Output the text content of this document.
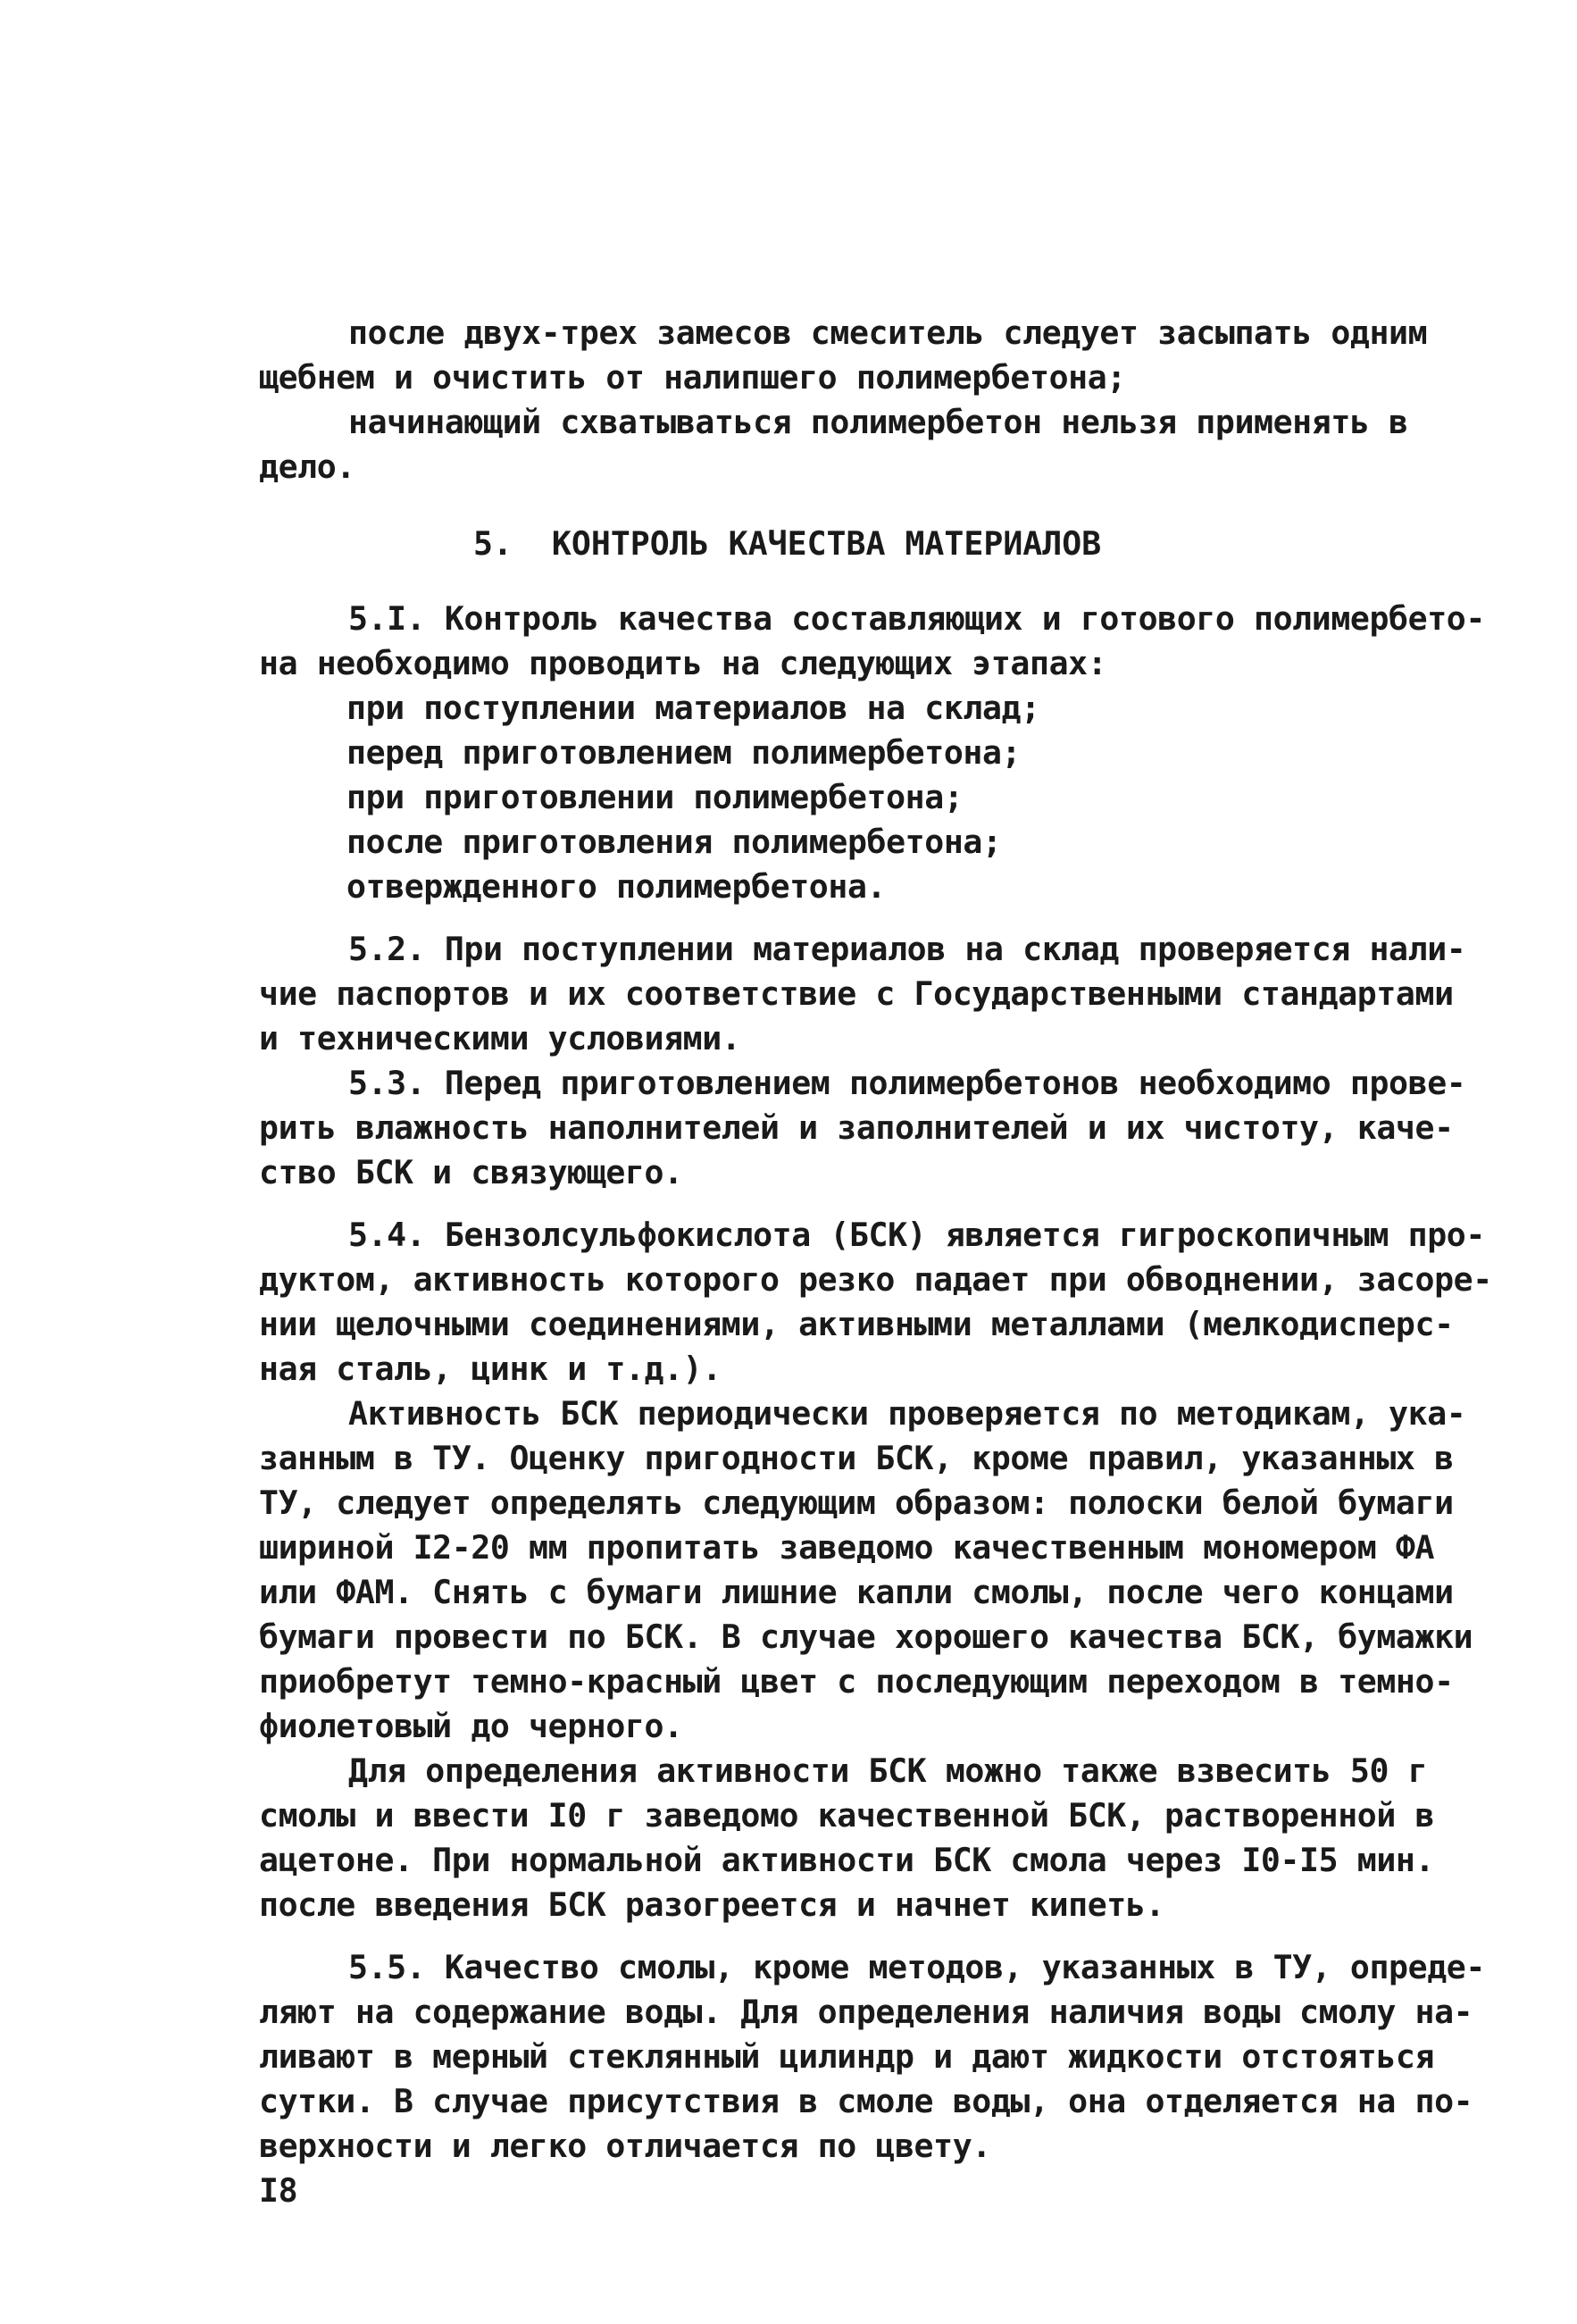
после двух-трех замесов смеситель следует засыпать одним
щебнем и очистить от налипшего полимербетона;
начинающий схватываться полимербетон нельзя применять в
дело.
5.  КОНТРОЛЬ КАЧЕСТВА МАТЕРИАЛОВ
5.I. Контроль качества составляющих и готового полимербето-
на необходимо проводить на следующих этапах:
при поступлении материалов на склад;
перед приготовлением полимербетона;
при приготовлении полимербетона;
после приготовления полимербетона;
отвержденного полимербетона.
5.2. При поступлении материалов на склад проверяется нали-
чие паспортов и их соответствие с Государственными стандартами
и техническими условиями.
5.3. Перед приготовлением полимербетонов необходимо прове-
рить влажность наполнителей и заполнителей и их чистоту, каче-
ство БСК и связующего.
5.4. Бензолсульфокислота (БСК) является гигроскопичным про-
дуктом, активность которого резко падает при обводнении, засоре-
нии щелочными соединениями, активными металлами (мелкодисперс-
ная сталь, цинк и т.д.).
Активность БСК периодически проверяется по методикам, ука-
занным в ТУ. Оценку пригодности БСК, кроме правил, указанных в
ТУ, следует определять следующим образом: полоски белой бумаги
шириной I2-20 мм пропитать заведомо качественным мономером ФА
или ФАМ. Снять с бумаги лишние капли смолы, после чего концами
бумаги провести по БСК. В случае хорошего качества БСК, бумажки
приобретут темно-красный цвет с последующим переходом в темно-
фиолетовый до черного.
Для определения активности БСК можно также взвесить 50 г
смолы и ввести I0 г заведомо качественной БСК, растворенной в
ацетоне. При нормальной активности БСК смола через I0-I5 мин.
после введения БСК разогреется и начнет кипеть.
5.5. Качество смолы, кроме методов, указанных в ТУ, опреде-
ляют на содержание воды. Для определения наличия воды смолу на-
ливают в мерный стеклянный цилиндр и дают жидкости отстояться
сутки. В случае присутствия в смоле воды, она отделяется на по-
верхности и легко отличается по цвету.
I8
